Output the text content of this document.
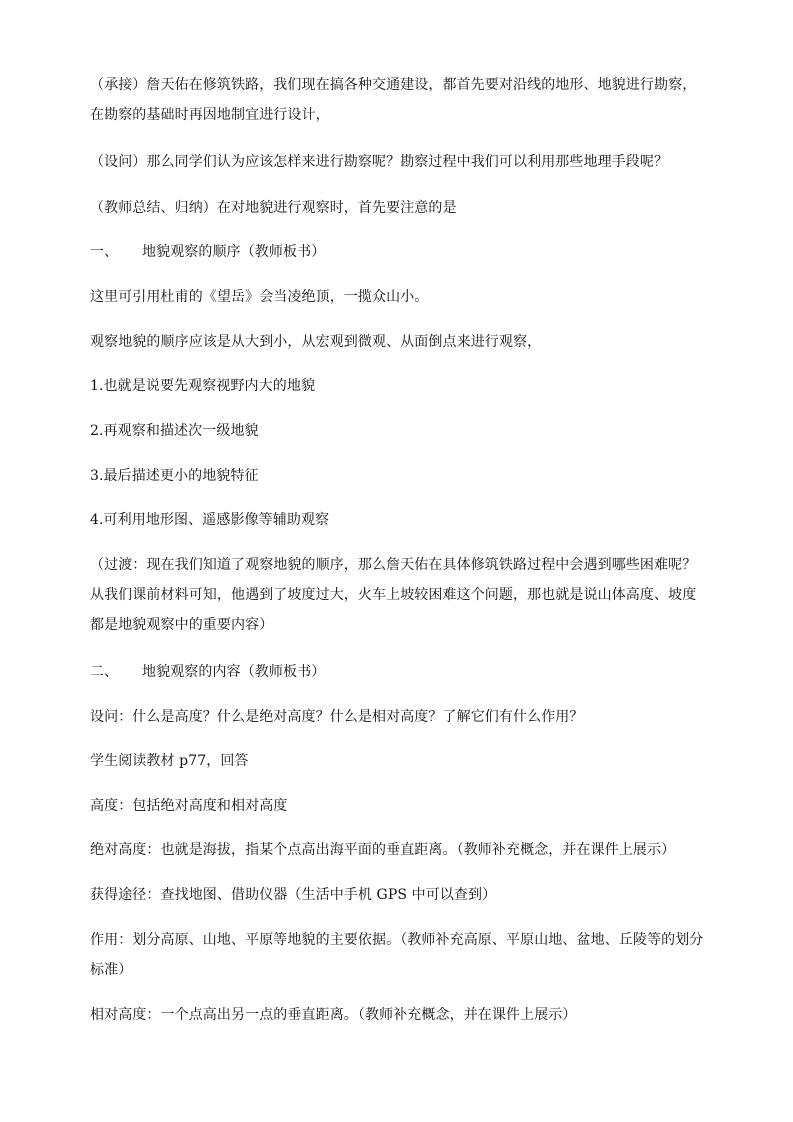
（承接）詹天佑在修筑铁路，我们现在搞各种交通建设，都首先要对沿线的地形、地貌进行勘察，在勘察的基础时再因地制宜进行设计，

（设问）那么同学们认为应该怎样来进行勘察呢？勘察过程中我们可以利用那些地理手段呢？

（教师总结、归纳）在对地貌进行观察时，首先要注意的是

一、 地貌观察的顺序（教师板书）

这里可引用杜甫的《望岳》会当凌绝顶，一揽众山小。

观察地貌的顺序应该是从大到小，从宏观到微观、从面倒点来进行观察，

1.也就是说要先观察视野内大的地貌

2.再观察和描述次一级地貌

3.最后描述更小的地貌特征

4.可利用地形图、遥感影像等辅助观察

（过渡：现在我们知道了观察地貌的顺序，那么詹天佑在具体修筑铁路过程中会遇到哪些困难呢？从我们课前材料可知，他遇到了坡度过大，火车上坡较困难这个问题，那也就是说山体高度、坡度都是地貌观察中的重要内容）

二、 地貌观察的内容（教师板书）

设问：什么是高度？什么是绝对高度？什么是相对高度？了解它们有什么作用？

学生阅读教材 p77，回答

高度：包括绝对高度和相对高度

绝对高度：也就是海拔，指某个点高出海平面的垂直距离。（教师补充概念，并在课件上展示）

获得途径：查找地图、借助仪器（生活中手机 GPS 中可以查到）

作用：划分高原、山地、平原等地貌的主要依据。（教师补充高原、平原山地、盆地、丘陵等的划分标准）

相对高度：一个点高出另一点的垂直距离。（教师补充概念，并在课件上展示）
